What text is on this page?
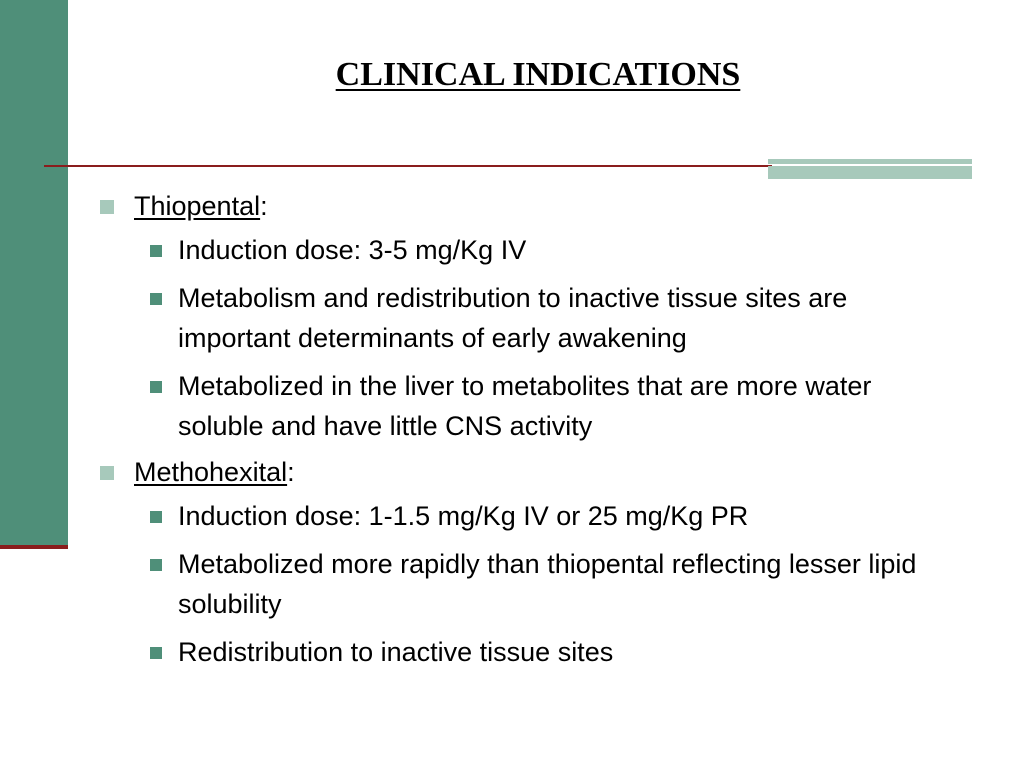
CLINICAL INDICATIONS
Thiopental:
Induction dose: 3-5 mg/Kg IV
Metabolism and redistribution to inactive tissue sites are important determinants of early awakening
Metabolized in the liver to metabolites that are more water soluble and have little CNS activity
Methohexital:
Induction dose: 1-1.5 mg/Kg IV or 25 mg/Kg PR
Metabolized more rapidly than thiopental reflecting lesser lipid solubility
Redistribution to inactive tissue sites
